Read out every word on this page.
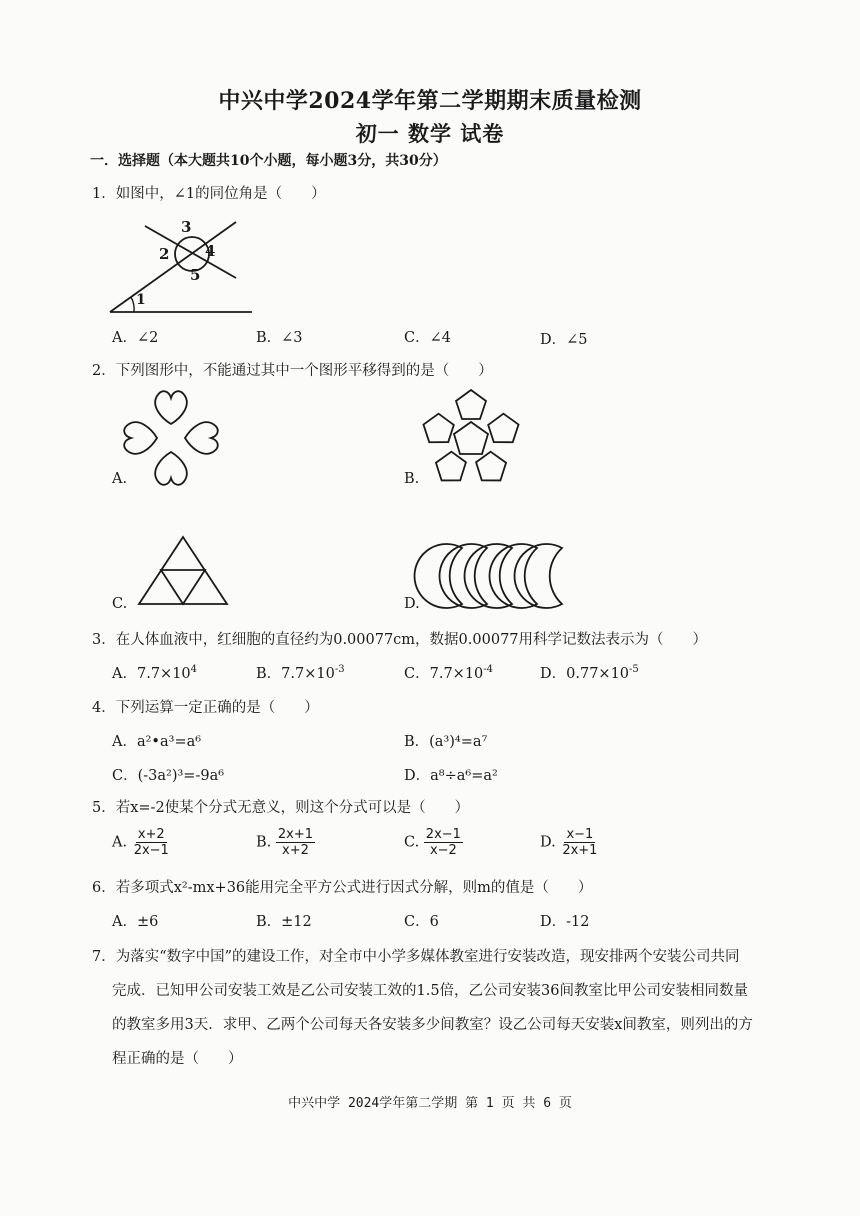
中兴中学2024学年第二学期期末质量检测
初一 数学 试卷
一．选择题（本大题共10个小题，每小题3分，共30分）
1．如图中，∠1的同位角是（　　）
3
2 4
5
1
A．∠2	B．∠3	C．∠4	D．∠5
2．下列图形中，不能通过其中一个图形平移得到的是（　　）
A.	B.
C.	D.
3．在人体血液中，红细胞的直径约为0.00077cm，数据0.00077用科学记数法表示为（　　）
A．$7.7\times 10^4$	B．$7.7\times 10^{-3}$	C．$7.7\times 10^{-4}$	D．$0.77\times 10^{-5}$
4．下列运算一定正确的是（　　）
A．a²•a³=a⁶	B．(a³)⁴=a⁷
C．(-3a²)³=-9a⁶	D．a⁸÷a⁶=a²
5．若x=-2使某个分式无意义，则这个分式可以是（　　）
A. $\frac{x+2}{2x-1}$	B. $\frac{2x+1}{x+2}$	C. $\frac{2x-1}{x-2}$	D. $\frac{x-1}{2x+1}$
6．若多项式x²-mx+36能用完全平方公式进行因式分解，则m的值是（　　）
A．±6	B．±12	C．6	D．-12
7．为落实“数字中国”的建设工作，对全市中小学多媒体教室进行安装改造，现安排两个安装公司共同
完成．已知甲公司安装工效是乙公司安装工效的1.5倍，乙公司安装36间教室比甲公司安装相同数量
的教室多用3天．求甲、乙两个公司每天各安装多少间教室？设乙公司每天安装x间教室，则列出的方
程正确的是（　　）
中兴中学 2024学年第二学期 第 1 页 共 6 页
